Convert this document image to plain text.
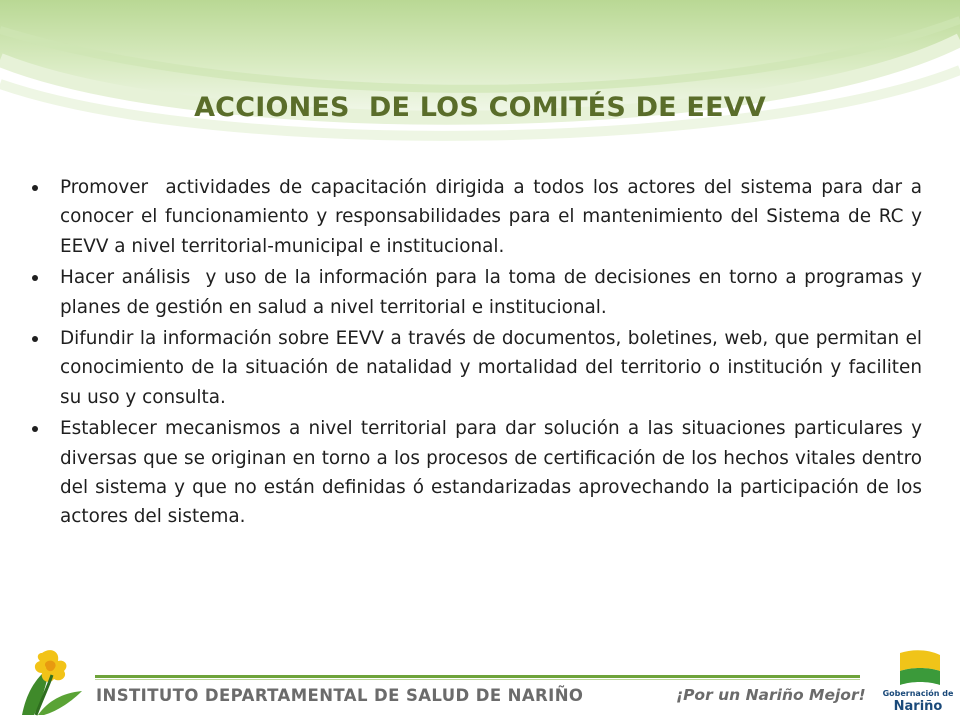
ACCIONES  DE LOS COMITÉS DE EEVV
Promover  actividades de capacitación dirigida a todos los actores del sistema para dar a conocer el funcionamiento y responsabilidades para el mantenimiento del Sistema de RC y EEVV a nivel territorial-municipal e institucional.
Hacer análisis  y uso de la información para la toma de decisiones en torno a programas y planes de gestión en salud a nivel territorial e institucional.
Difundir la información sobre EEVV a través de documentos, boletines, web, que permitan el conocimiento de la situación de natalidad y mortalidad del territorio o institución y faciliten su uso y consulta.
Establecer mecanismos a nivel territorial para dar solución a las situaciones particulares y diversas que se originan en torno a los procesos de certificación de los hechos vitales dentro del sistema y que no están definidas ó estandarizadas aprovechando la participación de los actores del sistema.
INSTITUTO DEPARTAMENTAL DE SALUD DE NARIÑO	¡Por un Nariño Mejor! Gobernación de
Nariño
